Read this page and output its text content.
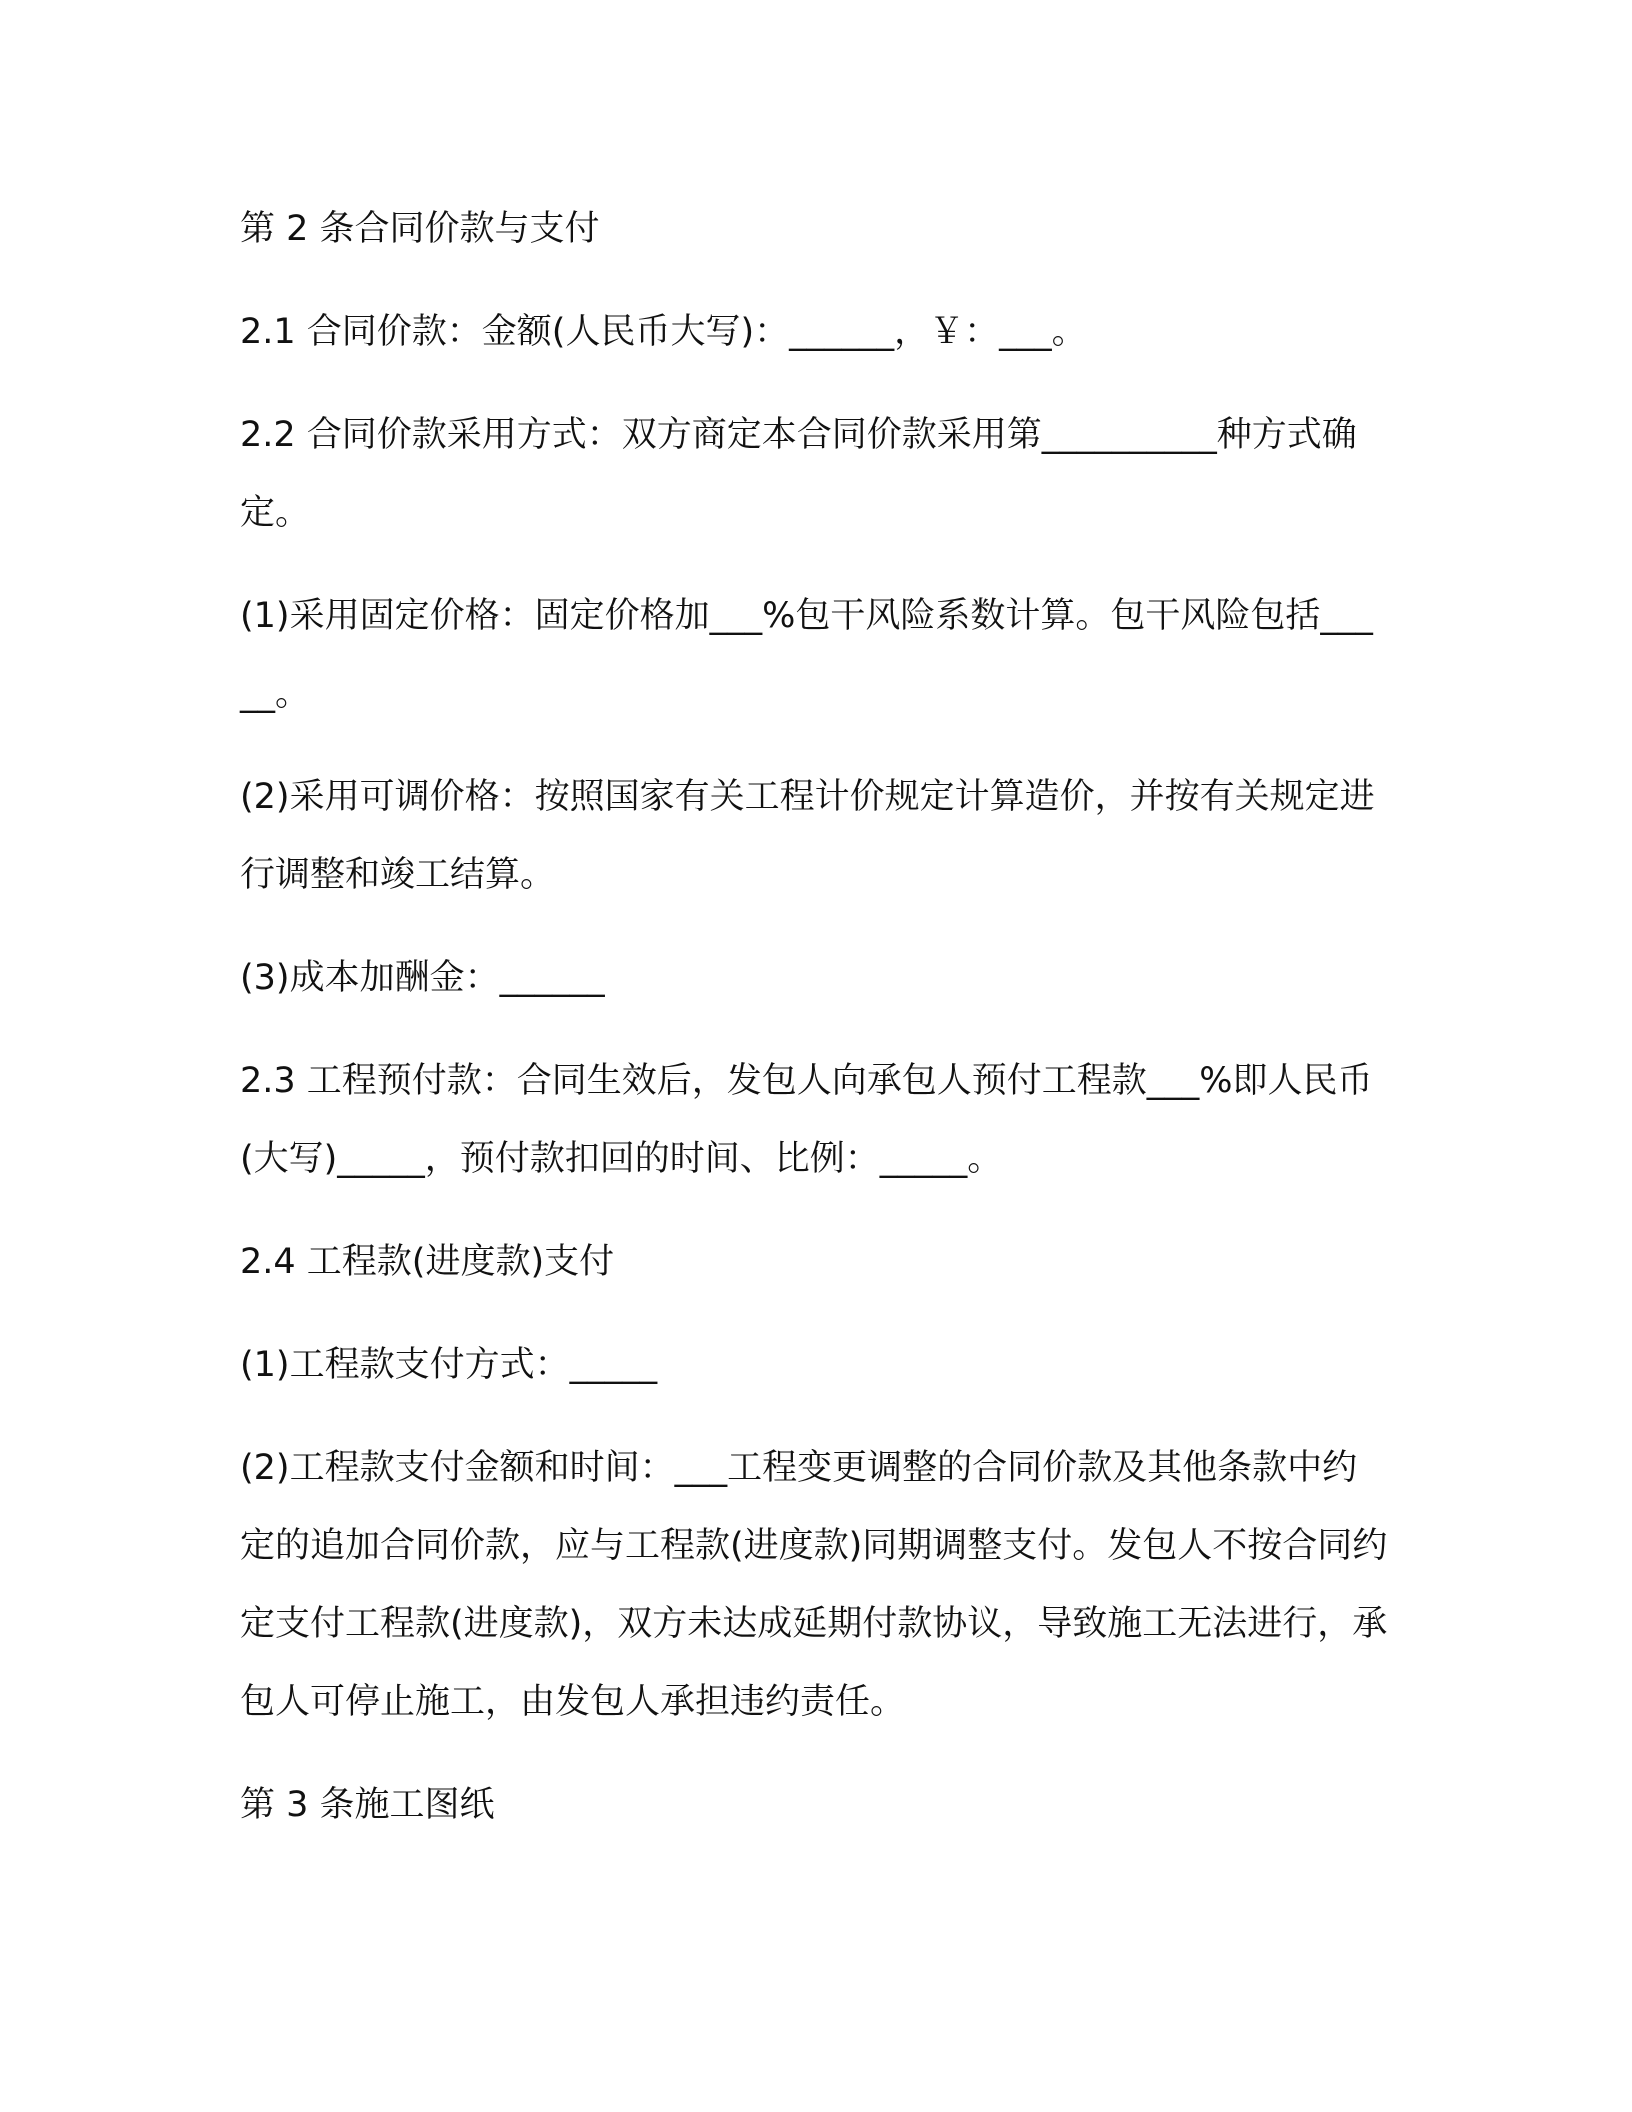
第 2 条合同价款与支付

2.1 合同价款：金额(人民币大写)：______，￥：___。

2.2 合同价款采用方式：双方商定本合同价款采用第__________种方式确定。

(1)采用固定价格：固定价格加___%包干风险系数计算。包干风险包括_____。

(2)采用可调价格：按照国家有关工程计价规定计算造价，并按有关规定进行调整和竣工结算。

(3)成本加酬金：______

2.3 工程预付款：合同生效后，发包人向承包人预付工程款___%即人民币(大写)_____，预付款扣回的时间、比例：_____。

2.4 工程款(进度款)支付

(1)工程款支付方式：_____

(2)工程款支付金额和时间：___工程变更调整的合同价款及其他条款中约定的追加合同价款，应与工程款(进度款)同期调整支付。发包人不按合同约定支付工程款(进度款)，双方未达成延期付款协议，导致施工无法进行，承包人可停止施工，由发包人承担违约责任。

第 3 条施工图纸
